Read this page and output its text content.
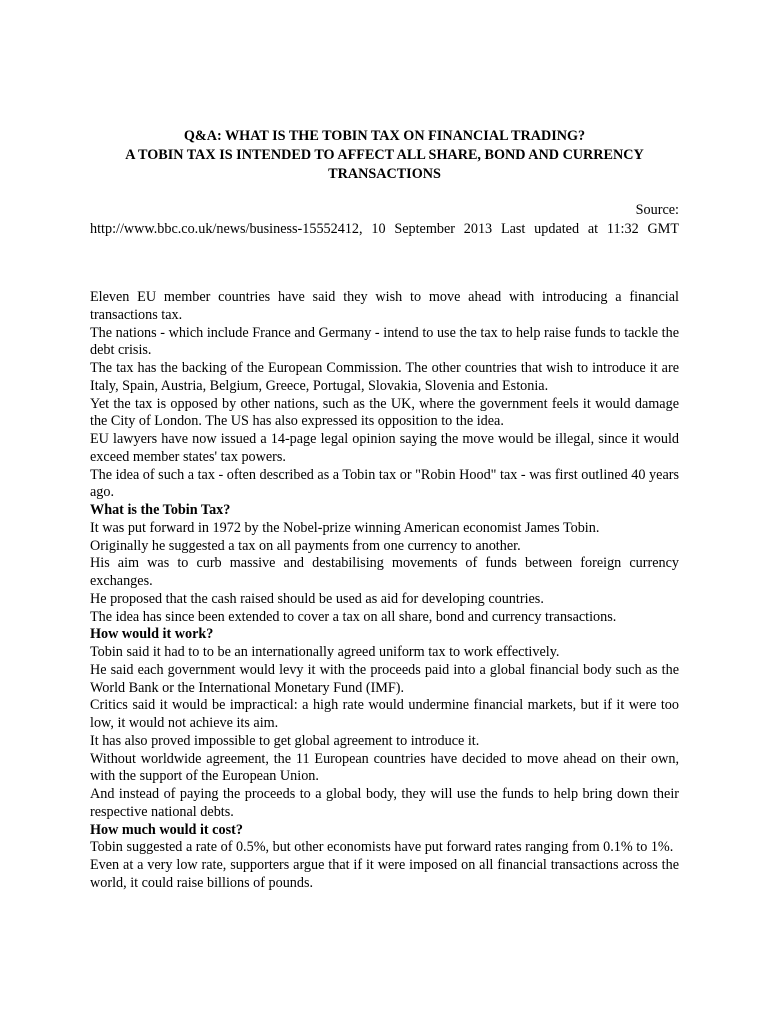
Q&A: WHAT IS THE TOBIN TAX ON FINANCIAL TRADING?
A TOBIN TAX IS INTENDED TO AFFECT ALL SHARE, BOND AND CURRENCY
TRANSACTIONS
Source:
http://www.bbc.co.uk/news/business-15552412, 10 September 2013 Last updated at 11:32 GMT

Eleven EU member countries have said they wish to move ahead with introducing a financial transactions tax.

The nations - which include France and Germany - intend to use the tax to help raise funds to tackle the debt crisis.

The tax has the backing of the European Commission. The other countries that wish to introduce it are Italy, Spain, Austria, Belgium, Greece, Portugal, Slovakia, Slovenia and Estonia.

Yet the tax is opposed by other nations, such as the UK, where the government feels it would damage the City of London. The US has also expressed its opposition to the idea.

EU lawyers have now issued a 14-page legal opinion saying the move would be illegal, since it would exceed member states' tax powers.

The idea of such a tax - often described as a Tobin tax or "Robin Hood" tax - was first outlined 40 years ago.

What is the Tobin Tax?

It was put forward in 1972 by the Nobel-prize winning American economist James Tobin.

Originally he suggested a tax on all payments from one currency to another.

His aim was to curb massive and destabilising movements of funds between foreign currency exchanges.

He proposed that the cash raised should be used as aid for developing countries.

The idea has since been extended to cover a tax on all share, bond and currency transactions.

How would it work?

Tobin said it had to to be an internationally agreed uniform tax to work effectively.

He said each government would levy it with the proceeds paid into a global financial body such as the World Bank or the International Monetary Fund (IMF).

Critics said it would be impractical: a high rate would undermine financial markets, but if it were too low, it would not achieve its aim.

It has also proved impossible to get global agreement to introduce it.

Without worldwide agreement, the 11 European countries have decided to move ahead on their own, with the support of the European Union.

And instead of paying the proceeds to a global body, they will use the funds to help bring down their respective national debts.

How much would it cost?

Tobin suggested a rate of 0.5%, but other economists have put forward rates ranging from 0.1% to 1%.

Even at a very low rate, supporters argue that if it were imposed on all financial transactions across the world, it could raise billions of pounds.
